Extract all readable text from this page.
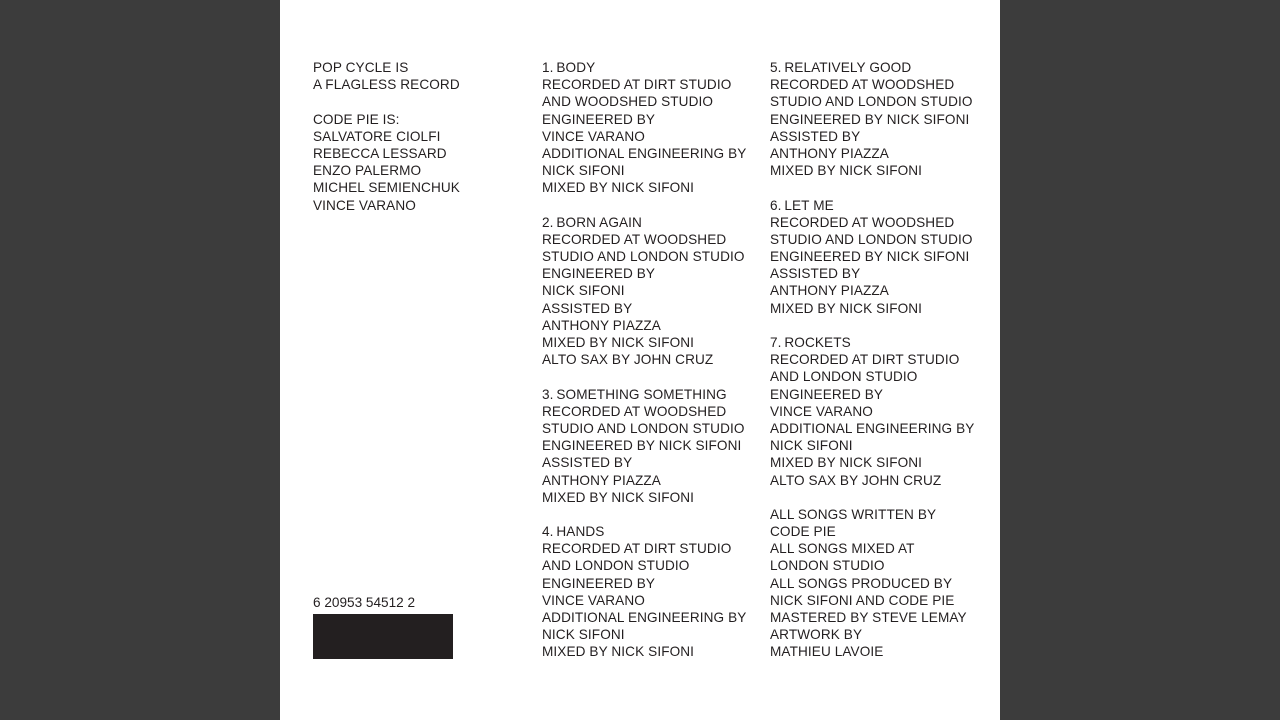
POP CYCLE IS
A FLAGLESS RECORD
CODE PIE IS:
SALVATORE CIOLFI
REBECCA LESSARD
ENZO PALERMO
MICHEL SEMIENCHUK
VINCE VARANO
1. BODY
RECORDED AT DIRT STUDIO
AND WOODSHED STUDIO
ENGINEERED BY
VINCE VARANO
ADDITIONAL ENGINEERING BY
NICK SIFONI
MIXED BY NICK SIFONI
2. BORN AGAIN
RECORDED AT WOODSHED
STUDIO AND LONDON STUDIO
ENGINEERED BY
NICK SIFONI
ASSISTED BY
ANTHONY PIAZZA
MIXED BY NICK SIFONI
ALTO SAX BY JOHN CRUZ
3. SOMETHING SOMETHING
RECORDED AT WOODSHED
STUDIO AND LONDON STUDIO
ENGINEERED BY NICK SIFONI
ASSISTED BY
ANTHONY PIAZZA
MIXED BY NICK SIFONI
4. HANDS
RECORDED AT DIRT STUDIO
AND LONDON STUDIO
ENGINEERED BY
VINCE VARANO
ADDITIONAL ENGINEERING BY
NICK SIFONI
MIXED BY NICK SIFONI
5. RELATIVELY GOOD
RECORDED AT WOODSHED
STUDIO AND LONDON STUDIO
ENGINEERED BY NICK SIFONI
ASSISTED BY
ANTHONY PIAZZA
MIXED BY NICK SIFONI
6. LET ME
RECORDED AT WOODSHED
STUDIO AND LONDON STUDIO
ENGINEERED BY NICK SIFONI
ASSISTED BY
ANTHONY PIAZZA
MIXED BY NICK SIFONI
7. ROCKETS
RECORDED AT DIRT STUDIO
AND LONDON STUDIO
ENGINEERED BY
VINCE VARANO
ADDITIONAL ENGINEERING BY
NICK SIFONI
MIXED BY NICK SIFONI
ALTO SAX BY JOHN CRUZ
ALL SONGS WRITTEN BY
CODE PIE
ALL SONGS MIXED AT
LONDON STUDIO
ALL SONGS PRODUCED BY
NICK SIFONI AND CODE PIE
MASTERED BY STEVE LEMAY
ARTWORK BY
MATHIEU LAVOIE
6 20953 54512 2
